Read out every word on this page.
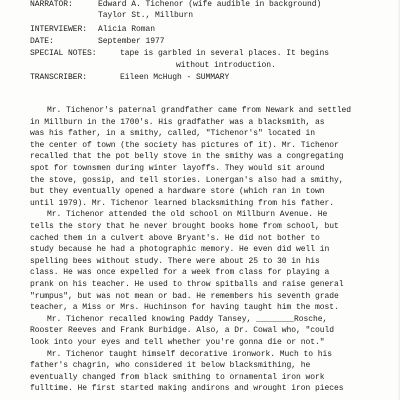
NARRATOR:	Edward A. Tichenor (wife audible in background)
Taylor St., Millburn
INTERVIEWER: Alicia Roman
DATE:	September 1977
SPECIAL NOTES:	tape is garbled in several places. It begins
without introduction.
TRANSCRIBER:	Eileen McHugh - SUMMARY
Mr. Tichenor's paternal grandfather came from Newark and settled
in Millburn in the 1700's. His gradfather was a blacksmith, as
was his father, in a smithy, called, "Tichenor's" located in
the center of town (the society has pictures of it). Mr. Tichenor
recalled that the pot belly stove in the smithy was a congregating
spot for townsmen during winter layoffs. They would sit around
the stove, gossip, and tell stories. Lonergan's also had a smithy,
but they eventually opened a hardware store (which ran in town
until 1979). Mr. Tichenor learned blacksmithing from his father.
Mr. Tichenor attended the old school on Millburn Avenue. He
tells the story that he never brought books home from school, but
cached them in a culvert above Bryant's. He did not bother to
study because he had a photographic memory. He even did well in
spelling bees without study. There were about 25 to 30 in his
class. He was once expelled for a week from class for playing a
prank on his teacher. He used to throw spitballs and raise general
"rumpus", but was not mean or bad. He remembers his seventh grade
teacher, a Miss or Mrs. Huchinson for having taught him the most.
Mr. Tichenor recalled knowing Paddy Tansey, ________Rosche,
Rooster Reeves and Frank Burbidge. Also, a Dr. Cowal who, "could
look into your eyes and tell whether you're gonna die or not."
Mr. Tichenor taught himself decorative ironwork. Much to his
father's chagrin, who considered it below blacksmithing, he
eventually changed from black smithing to ornamental iron work
fulltime. He first started making andirons and wrought iron pieces
